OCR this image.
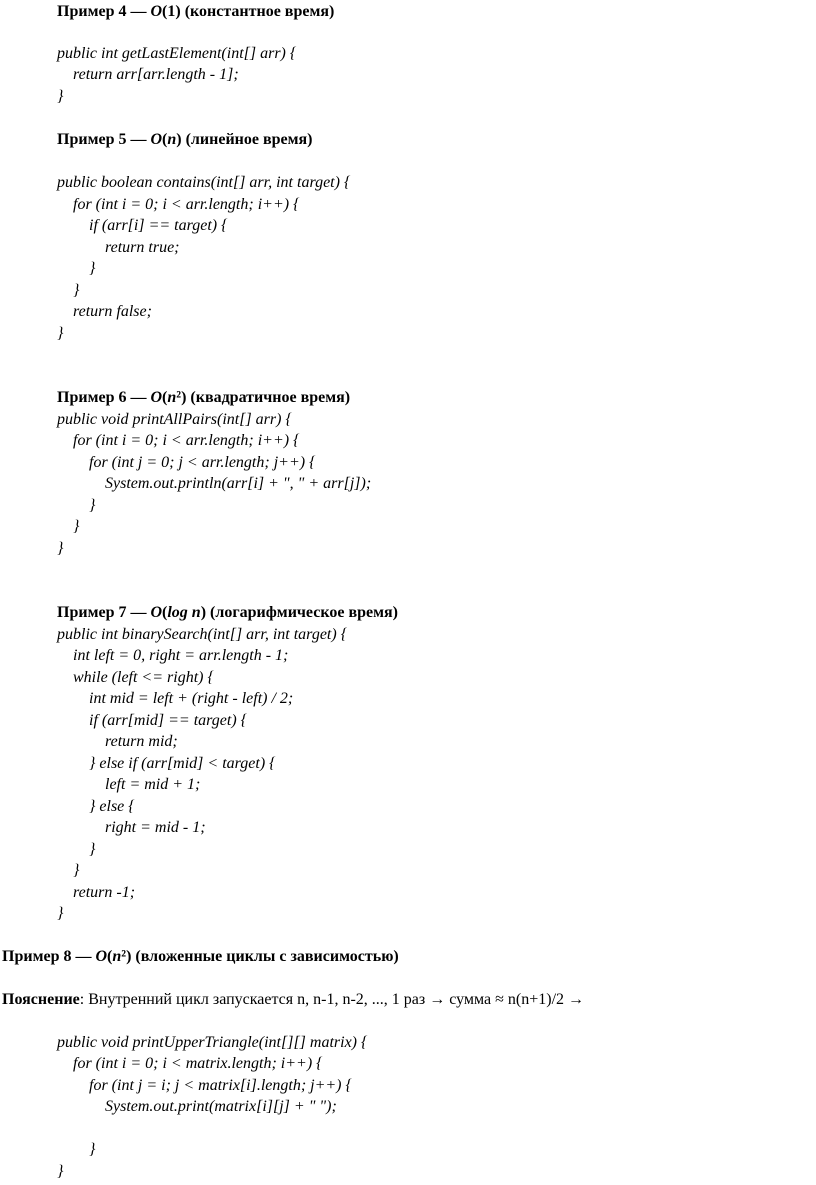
Пример 4 — O(1) (константное время)
public int getLastElement(int[] arr) {
return arr[arr.length - 1];
}
Пример 5 — O(n) (линейное время)
public boolean contains(int[] arr, int target) {
for (int i = 0; i < arr.length; i++) {
if (arr[i] == target) {
return true;
}
}
return false;
}
Пример 6 — O(n²) (квадратичное время)
public void printAllPairs(int[] arr) {
for (int i = 0; i < arr.length; i++) {
for (int j = 0; j < arr.length; j++) {
System.out.println(arr[i] + ", " + arr[j]);
}
}
}
Пример 7 — O(log n) (логарифмическое время)
public int binarySearch(int[] arr, int target) {
int left = 0, right = arr.length - 1;
while (left <= right) {
int mid = left + (right - left) / 2;
if (arr[mid] == target) {
return mid;
} else if (arr[mid] < target) {
left = mid + 1;
} else {
right = mid - 1;
}
}
return -1;
}
Пример 8 — O(n²) (вложенные циклы с зависимостью)
Пояснение: Внутренний цикл запускается n, n-1, n-2, ..., 1 раз → сумма ≈ n(n+1)/2 →
public void printUpperTriangle(int[][] matrix) {
for (int i = 0; i < matrix.length; i++) {
for (int j = i; j < matrix[i].length; j++) {
System.out.print(matrix[i][j] + " ");
}
}
